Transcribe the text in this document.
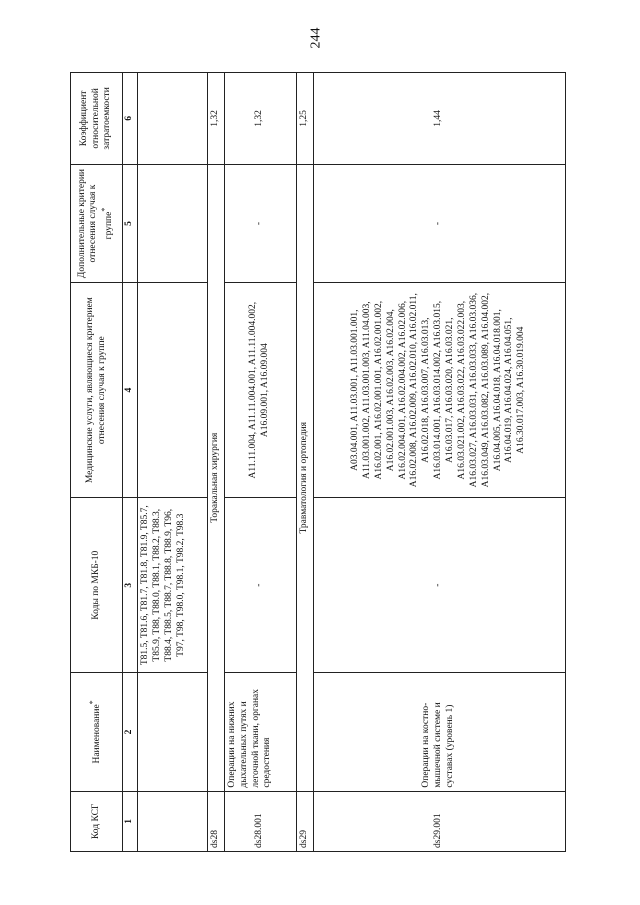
244
Код КСГ	Наименование*	Коды по МКБ-10	Медицинские услуги, являющиеся критерием отнесения случая к группе	Дополнительные критерии отнесения случая к группе*	Коэффициент относительной затратоемкости
1	2	3	4	5	6
		T81.5, T81.6, T81.7, T81.8, T81.9, T85.7, T85.9, T88, T88.0, T88.1, T88.2, T88.3, T88.4, T88.5, T88.7, T88.8, T88.9, T96, T97, T98, T98.0, T98.1, T98.2, T98.3			
ds28	Торакальная хирургия				1,32
ds28.001	Операции на нижних дыхательных путях и легочной ткани, органах средостения	-	A11.11.004, A11.11.004.001, A11.11.004.002, A16.09.001, A16.09.004	-	1,32
ds29	Травматология и ортопедия				1,25
ds29.001	Операции на костно-мышечной системе и суставах (уровень 1)	-	A03.04.001, A11.03.001, A11.03.001.001, A11.03.001.002, A11.03.001.003, A11.04.003, A16.02.001, A16.02.001.001, A16.02.001.002, A16.02.001.003, A16.02.003, A16.02.004, A16.02.004.001, A16.02.004.002, A16.02.006, A16.02.008, A16.02.009, A16.02.010, A16.02.011, A16.02.018, A16.03.007, A16.03.013, A16.03.014.001, A16.03.014.002, A16.03.015, A16.03.017, A16.03.020, A16.03.021, A16.03.021.002, A16.03.022, A16.03.022.003, A16.03.027, A16.03.031, A16.03.033, A16.03.036, A16.03.049, A16.03.082, A16.03.089, A16.04.002, A16.04.005, A16.04.018, A16.04.018.001, A16.04.019, A16.04.024, A16.04.051, A16.30.017.003, A16.30.019.004	-	1,44
